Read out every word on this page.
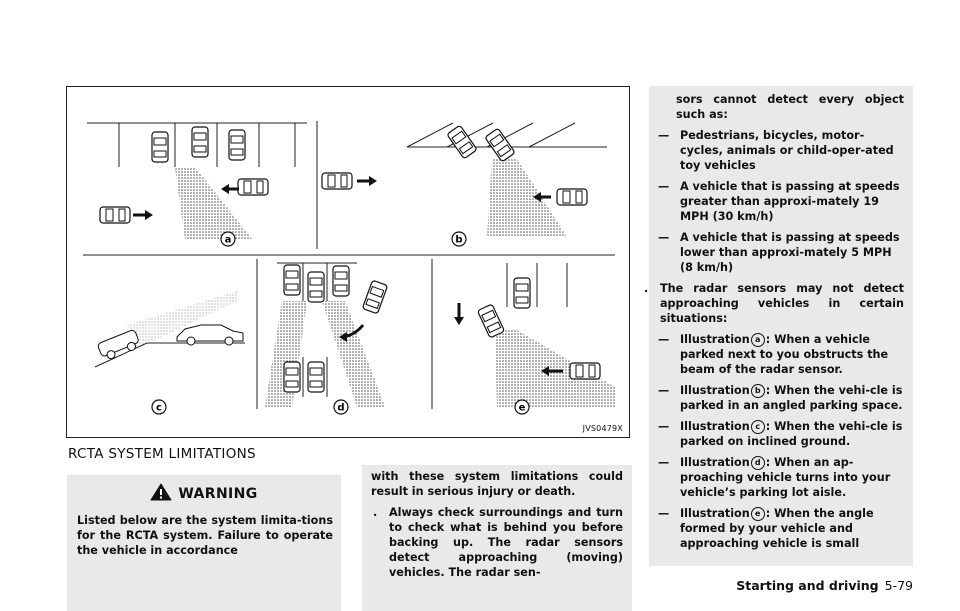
a	b
c	d	e
JVS0479X
RCTA SYSTEM LIMITATIONS
WARNING

Listed below are the system limita-tions for the RCTA system. Failure to operate the vehicle in accordance

with these system limitations could result in serious injury or death.

. Always check surroundings and turn to check what is behind you before backing up. The radar sensors detect approaching (moving) vehicles. The radar sen-
sors cannot detect every object such as:
— Pedestrians, bicycles, motor-cycles, animals or child-oper-ated toy vehicles
— A vehicle that is passing at speeds greater than approxi-mately 19 MPH (30 km/h)
— A vehicle that is passing at speeds lower than approxi-mately 5 MPH (8 km/h)
. The radar sensors may not detect approaching vehicles in certain situations:
— Illustration a : When a vehicle parked next to you obstructs the beam of the radar sensor.
— Illustration b : When the vehi-cle is parked in an angled parking space.
— Illustration c : When the vehi-cle is parked on inclined ground.
— Illustration d : When an ap-proaching vehicle turns into your vehicle’s parking lot aisle.
— Illustration e : When the angle formed by your vehicle and approaching vehicle is small
Starting and driving 5-79
